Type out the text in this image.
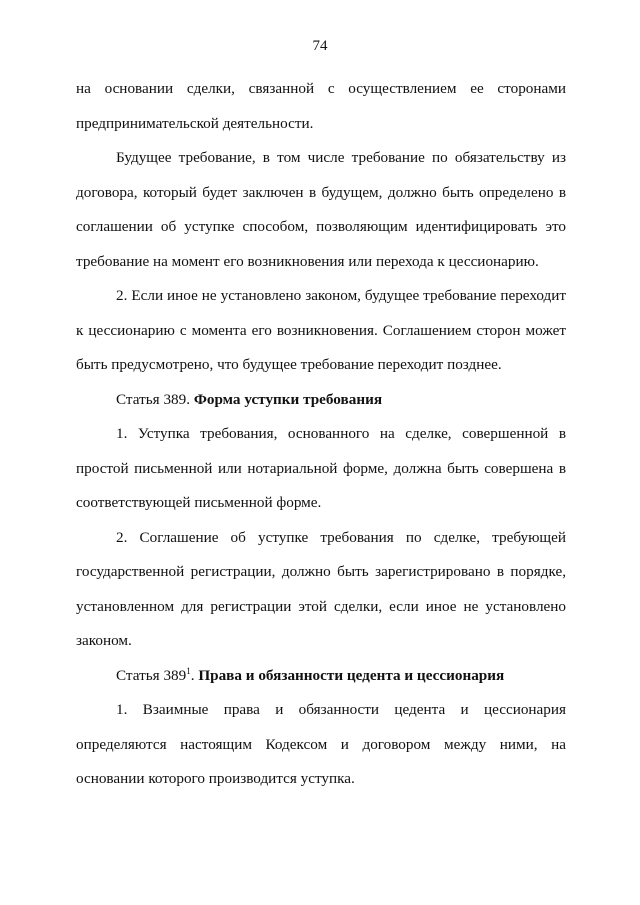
74

на основании сделки, связанной с осуществлением ее сторонами предпринимательской деятельности.

Будущее требование, в том числе требование по обязательству из договора, который будет заключен в будущем, должно быть определено в соглашении об уступке способом, позволяющим идентифицировать это требование на момент его возникновения или перехода к цессионарию.

2. Если иное не установлено законом, будущее требование переходит к цессионарию с момента его возникновения. Соглашением сторон может быть предусмотрено, что будущее требование переходит позднее.

Статья 389. Форма уступки требования

1. Уступка требования, основанного на сделке, совершенной в простой письменной или нотариальной форме, должна быть совершена в соответствующей письменной форме.

2. Соглашение об уступке требования по сделке, требующей государственной регистрации, должно быть зарегистрировано в порядке, установленном для регистрации этой сделки, если иное не установлено законом.

Статья $389^1$. Права и обязанности цедента и цессионария

1. Взаимные права и обязанности цедента и цессионария определяются настоящим Кодексом и договором между ними, на основании которого производится уступка.
